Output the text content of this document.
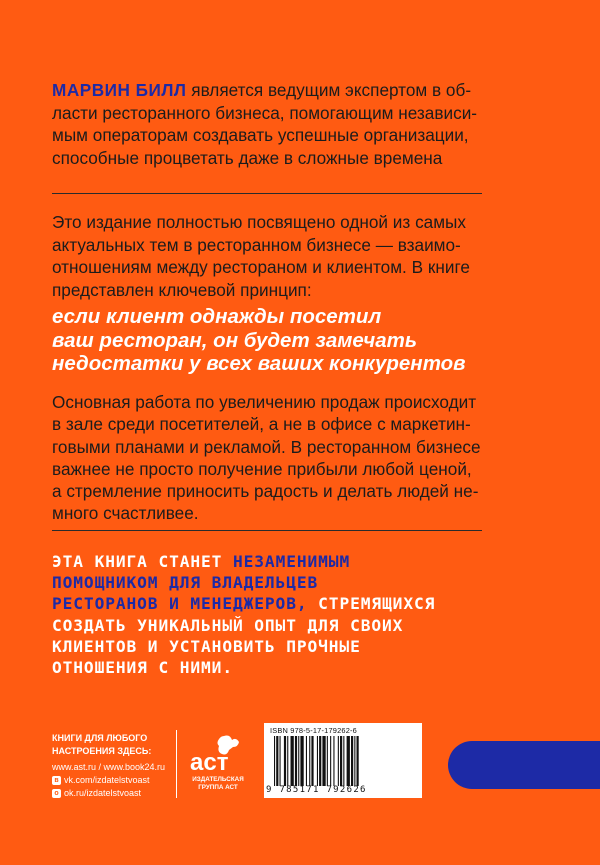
МАРВИН БИЛЛ является ведущим экспертом в об-
ласти ресторанного бизнеса, помогающим независи-
мым операторам создавать успешные организации,
способные процветать даже в сложные времена
Это издание полностью посвящено одной из самых
актуальных тем в ресторанном бизнесе — взаимо-
отношениям между рестораном и клиентом. В книге
представлен ключевой принцип:
если клиент однажды посетил
ваш ресторан, он будет замечать
недостатки у всех ваших конкурентов
Основная работа по увеличению продаж происходит
в зале среди посетителей, а не в офисе с маркетин-
говыми планами и рекламой. В ресторанном бизнесе
важнее не просто получение прибыли любой ценой,
а стремление приносить радость и делать людей не-
много счастливее.
ЭТА КНИГА СТАНЕТ НЕЗАМЕНИМЫМ
ПОМОЩНИКОМ ДЛЯ ВЛАДЕЛЬЦЕВ
РЕСТОРАНОВ И МЕНЕДЖЕРОВ, СТРЕМЯЩИХСЯ
СОЗДАТЬ УНИКАЛЬНЫЙ ОПЫТ ДЛЯ СВОИХ
КЛИЕНТОВ И УСТАНОВИТЬ ПРОЧНЫЕ
ОТНОШЕНИЯ С НИМИ.
КНИГИ ДЛЯ ЛЮБОГО
НАСТРОЕНИЯ ЗДЕСЬ:
www.ast.ru / www.book24.ru
в vk.com/izdatelstvoast
о ok.ru/izdatelstvoast
аст
ИЗДАТЕЛЬСКАЯ
ГРУППА АСТ
ISBN 978-5-17-179262-6
9 785171 792626
